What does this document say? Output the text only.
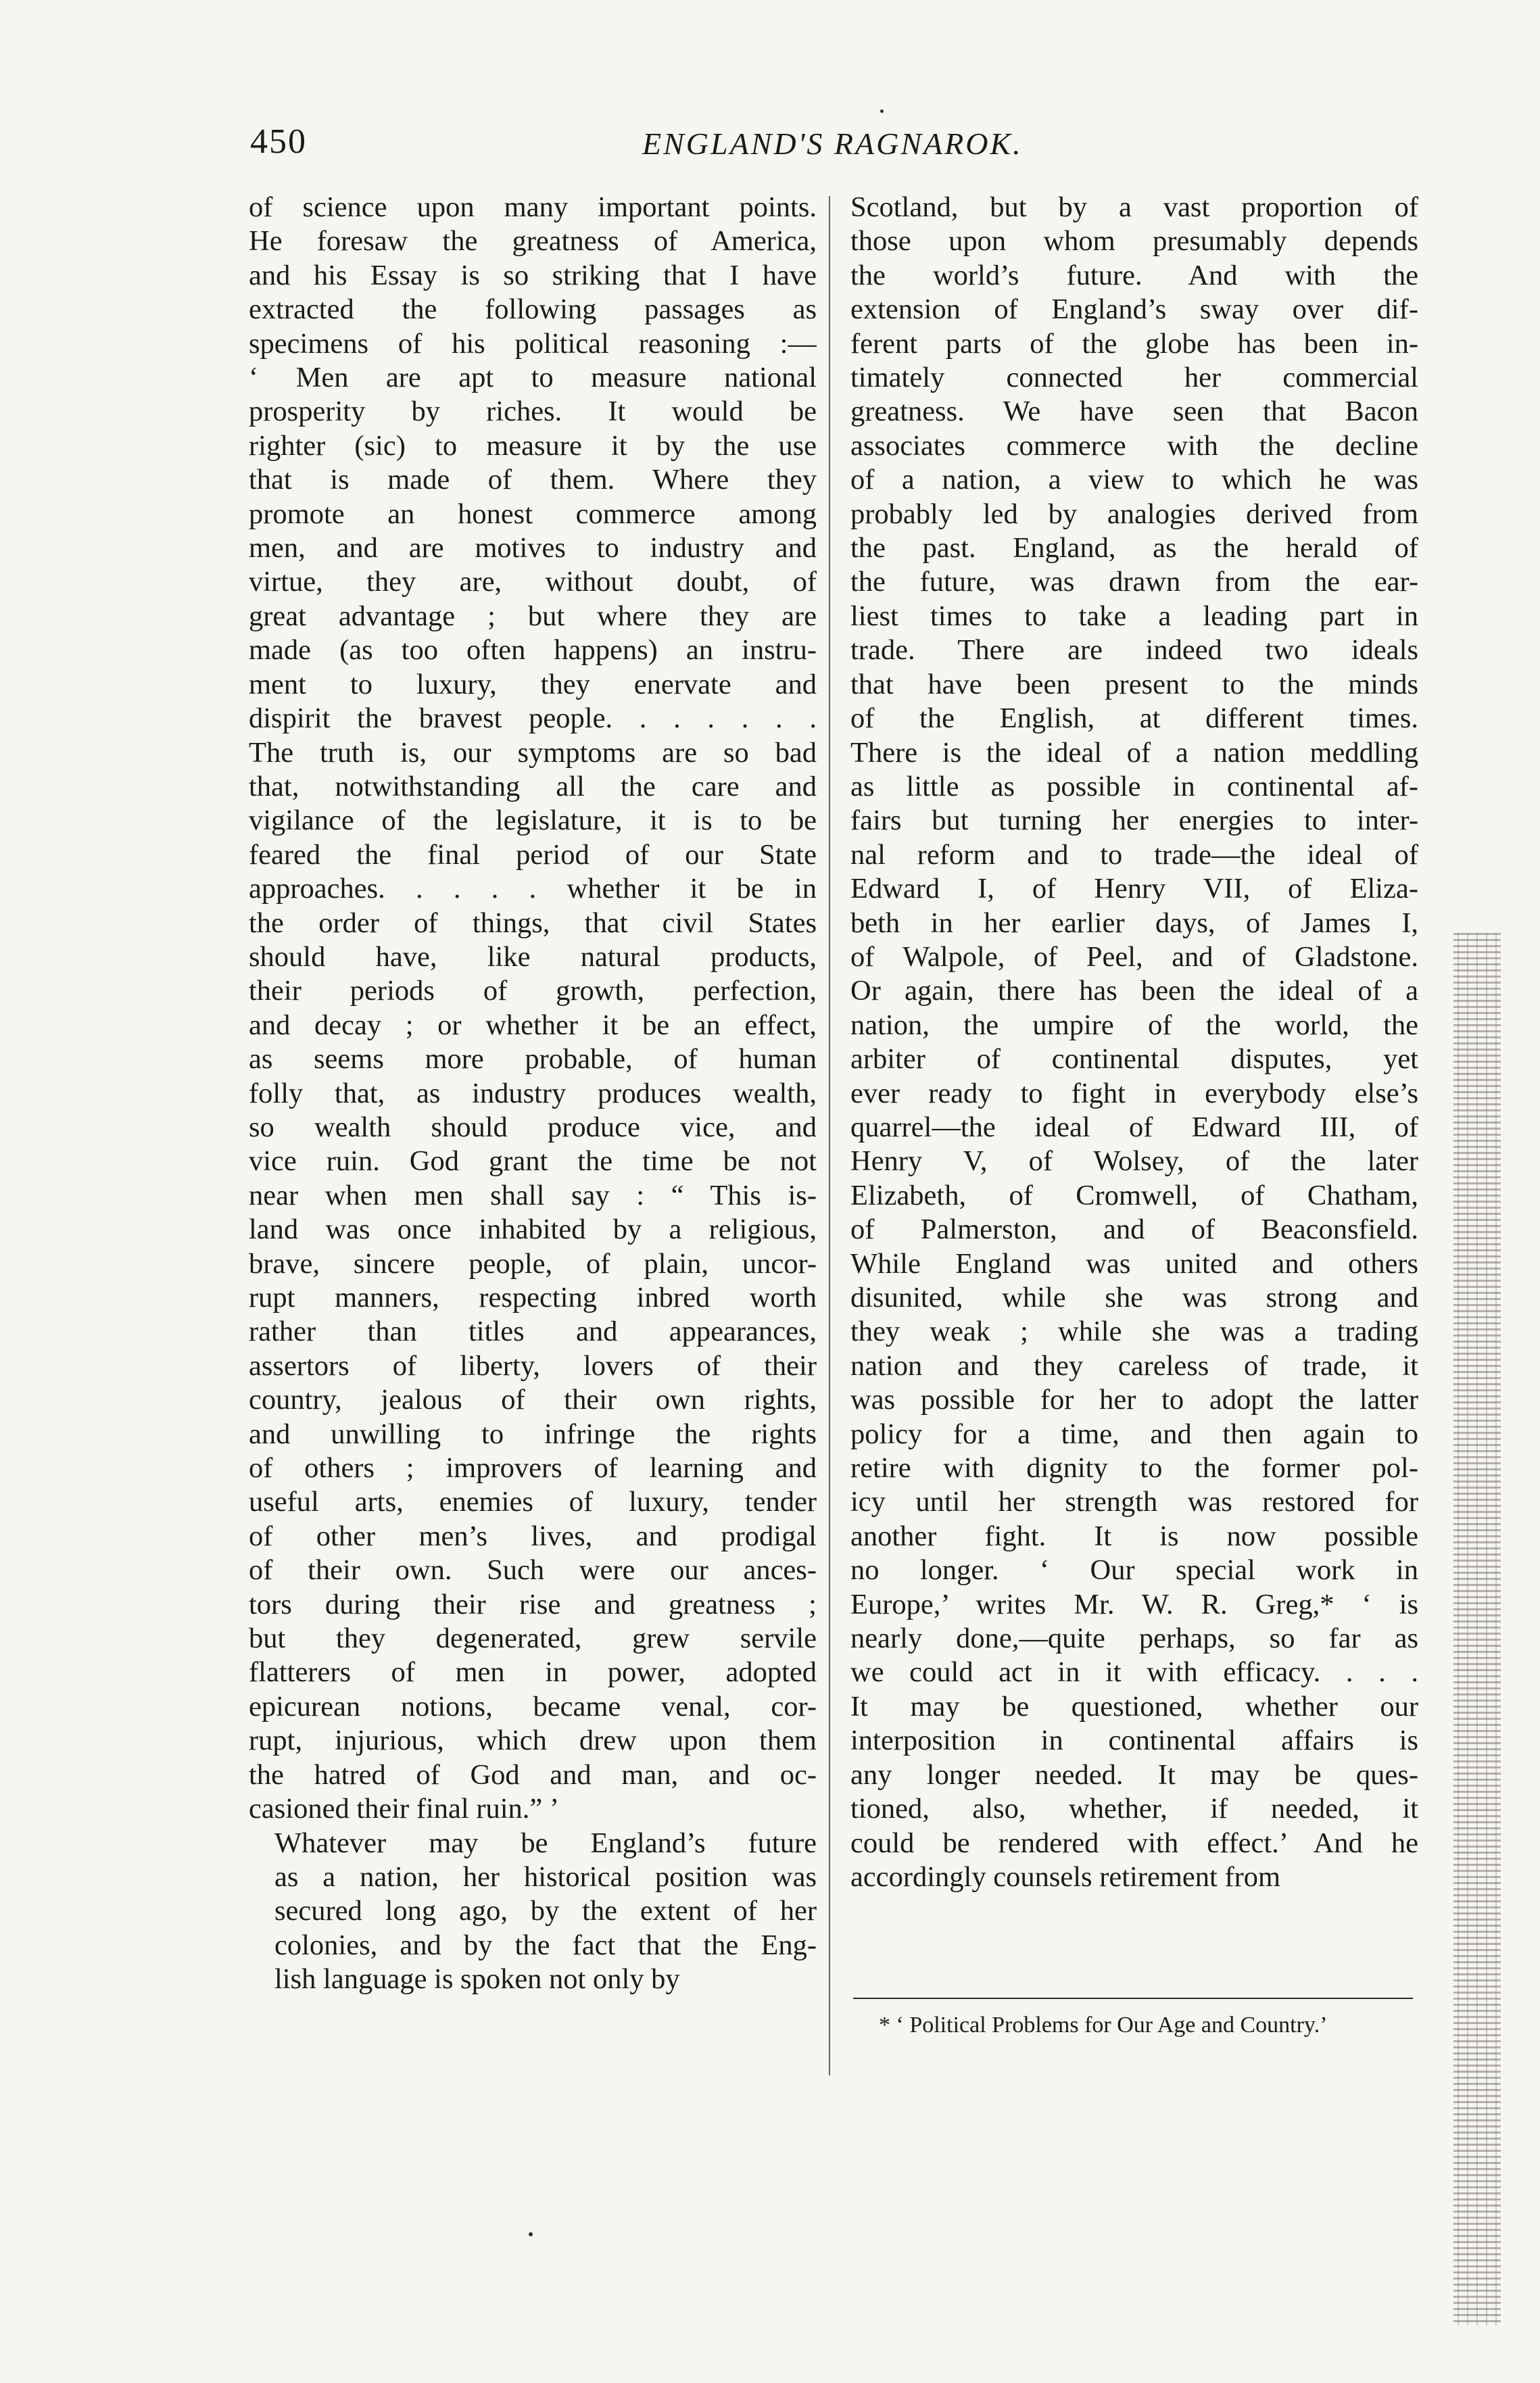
450	ENGLAND'S RAGNAROK.

of science upon many important points.
He foresaw the greatness of America,
and his Essay is so striking that I have
extracted the following passages as
specimens of his political reasoning :—
‘ Men are apt to measure national
prosperity by riches. It would be
righter (sic) to measure it by the use
that is made of them. Where they
promote an honest commerce among
men, and are motives to industry and
virtue, they are, without doubt, of
great advantage ; but where they are
made (as too often happens) an instru-
ment to luxury, they enervate and
dispirit the bravest people. . . . . . .
The truth is, our symptoms are so bad
that, notwithstanding all the care and
vigilance of the legislature, it is to be
feared the final period of our State
approaches. . . . . whether it be in
the order of things, that civil States
should have, like natural products,
their periods of growth, perfection,
and decay ; or whether it be an effect,
as seems more probable, of human
folly that, as industry produces wealth,
so wealth should produce vice, and
vice ruin. God grant the time be not
near when men shall say : “ This is-
land was once inhabited by a religious,
brave, sincere people, of plain, uncor-
rupt manners, respecting inbred worth
rather than titles and appearances,
assertors of liberty, lovers of their
country, jealous of their own rights,
and unwilling to infringe the rights
of others ; improvers of learning and
useful arts, enemies of luxury, tender
of other men’s lives, and prodigal
of their own. Such were our ances-
tors during their rise and greatness ;
but they degenerated, grew servile
flatterers of men in power, adopted
epicurean notions, became venal, cor-
rupt, injurious, which drew upon them
the hatred of God and man, and oc-
casioned their final ruin.” ’

Whatever may be England’s future
as a nation, her historical position was
secured long ago, by the extent of her
colonies, and by the fact that the Eng-
lish language is spoken not only by

Scotland, but by a vast proportion of
those upon whom presumably depends
the world’s future. And with the
extension of England’s sway over dif-
ferent parts of the globe has been in-
timately connected her commercial
greatness. We have seen that Bacon
associates commerce with the decline
of a nation, a view to which he was
probably led by analogies derived from
the past. England, as the herald of
the future, was drawn from the ear-
liest times to take a leading part in
trade. There are indeed two ideals
that have been present to the minds
of the English, at different times.
There is the ideal of a nation meddling
as little as possible in continental af-
fairs but turning her energies to inter-
nal reform and to trade—the ideal of
Edward I, of Henry VII, of Eliza-
beth in her earlier days, of James I,
of Walpole, of Peel, and of Gladstone.
Or again, there has been the ideal of a
nation, the umpire of the world, the
arbiter of continental disputes, yet
ever ready to fight in everybody else’s
quarrel—the ideal of Edward III, of
Henry V, of Wolsey, of the later
Elizabeth, of Cromwell, of Chatham,
of Palmerston, and of Beaconsfield.
While England was united and others
disunited, while she was strong and
they weak ; while she was a trading
nation and they careless of trade, it
was possible for her to adopt the latter
policy for a time, and then again to
retire with dignity to the former pol-
icy until her strength was restored for
another fight. It is now possible
no longer. ‘ Our special work in
Europe,’ writes Mr. W. R. Greg,* ‘ is
nearly done,—quite perhaps, so far as
we could act in it with efficacy. . . .
It may be questioned, whether our
interposition in continental affairs is
any longer needed. It may be ques-
tioned, also, whether, if needed, it
could be rendered with effect.’ And he
accordingly counsels retirement from

* ‘ Political Problems for Our Age and Country.’
